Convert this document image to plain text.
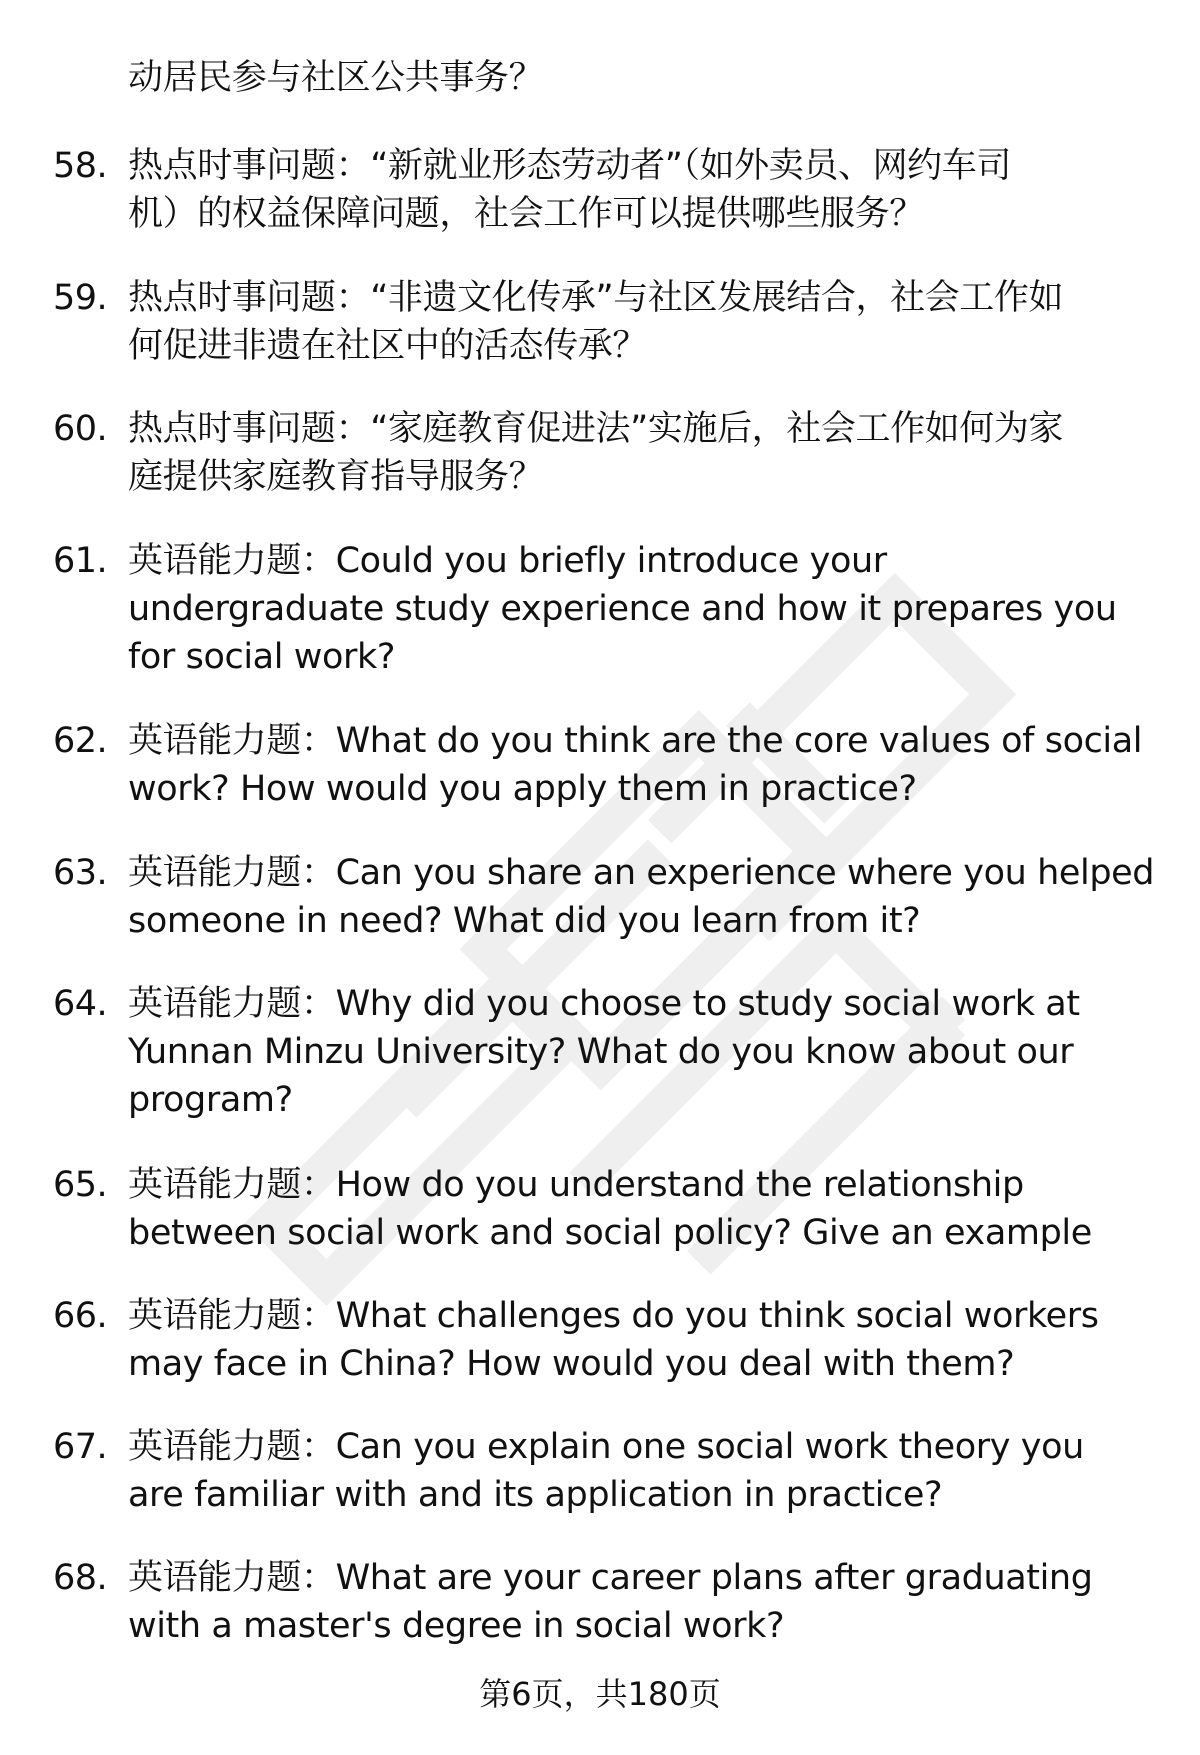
动居民参与社区公共事务？
58. 热点时事问题：“新就业形态劳动者”（如外卖员、网约车司
机）的权益保障问题，社会工作可以提供哪些服务？
59. 热点时事问题：“非遗文化传承”与社区发展结合，社会工作如
何促进非遗在社区中的活态传承？
60. 热点时事问题：“家庭教育促进法”实施后，社会工作如何为家
庭提供家庭教育指导服务？
61. 英语能力题：Could you briefly introduce your
undergraduate study experience and how it prepares you
for social work?
62. 英语能力题：What do you think are the core values of social
work? How would you apply them in practice?
63. 英语能力题：Can you share an experience where you helped
someone in need? What did you learn from it?
64. 英语能力题：Why did you choose to study social work at
Yunnan Minzu University? What do you know about our
program?
65. 英语能力题：How do you understand the relationship
between social work and social policy? Give an example
66. 英语能力题：What challenges do you think social workers
may face in China? How would you deal with them?
67. 英语能力题：Can you explain one social work theory you
are familiar with and its application in practice?
68. 英语能力题：What are your career plans after graduating
with a master's degree in social work?
第6页，共180页
